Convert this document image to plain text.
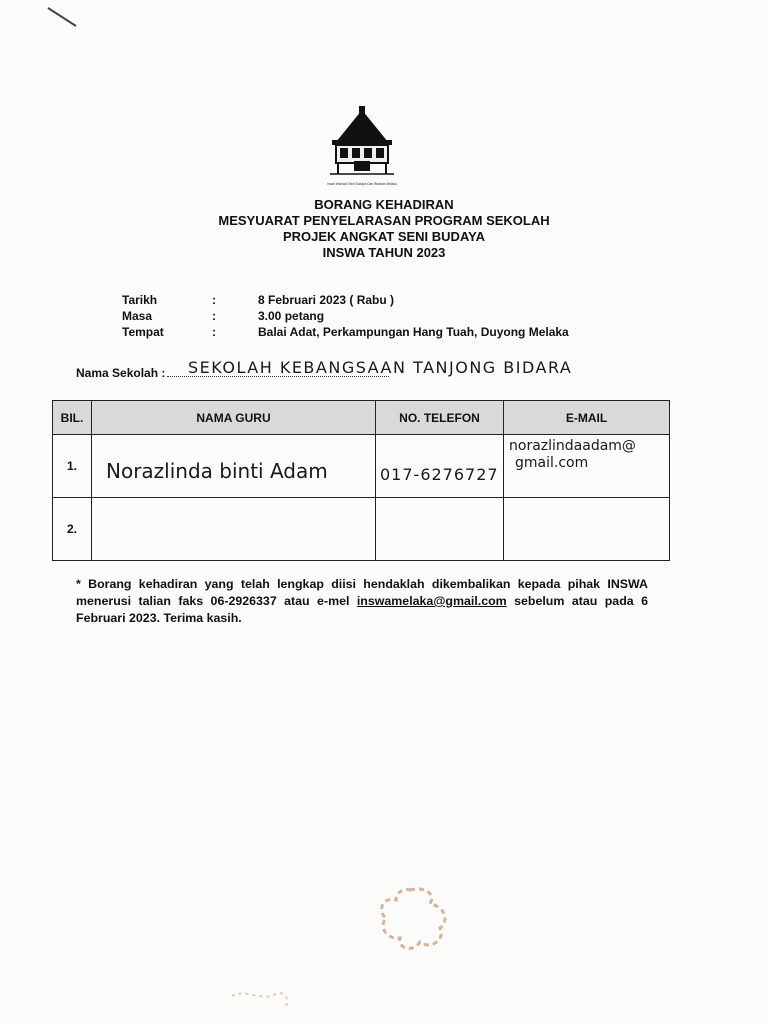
Insan Warisan Seni Budaya Dan Warisan Melaka
BORANG KEHADIRAN
MESYUARAT PENYELARASAN PROGRAM SEKOLAH
PROJEK ANGKAT SENI BUDAYA
INSWA TAHUN 2023
Tarikh	:	8 Februari 2023 ( Rabu )
Masa	:	3.00 petang
Tempat	:	Balai Adat, Perkampungan Hang Tuah, Duyong Melaka
Nama Sekolah :	SEKOLAH KEBANGSAAN TANJONG BIDARA
BIL.	NAMA GURU	NO. TELEFON	E-MAIL
1.	Norazlinda binti Adam	017-6276727	norazlindaadam@
gmail.com

2.			
* Borang kehadiran yang telah lengkap diisi hendaklah dikembalikan kepada pihak INSWA menerusi talian faks 06-2926337 atau e-mel inswamelaka@gmail.com sebelum atau pada 6 Februari 2023. Terima kasih.
